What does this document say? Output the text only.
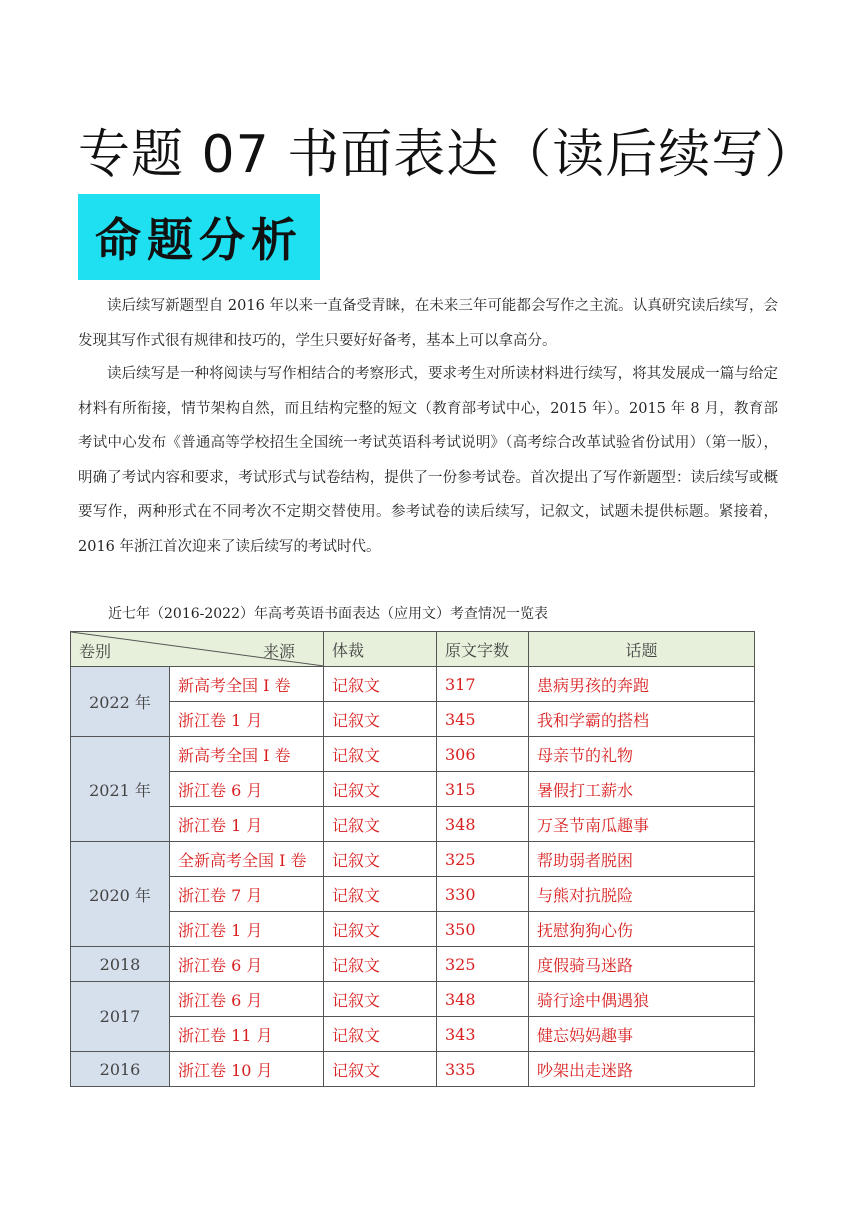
专题 07 书面表达（读后续写）
命题分析

读后续写新题型自 2016 年以来一直备受青睐，在未来三年可能都会写作之主流。认真研究读后续写，会发现其写作式很有规律和技巧的，学生只要好好备考，基本上可以拿高分。

读后续写是一种将阅读与写作相结合的考察形式，要求考生对所读材料进行续写，将其发展成一篇与给定材料有所衔接，情节架构自然，而且结构完整的短文（教育部考试中心，2015 年）。2015 年 8 月，教育部考试中心发布《普通高等学校招生全国统一考试英语科考试说明》（高考综合改革试验省份试用）（第一版），明确了考试内容和要求，考试形式与试卷结构，提供了一份参考试卷。首次提出了写作新题型：读后续写或概要写作，两种形式在不同考次不定期交替使用。参考试卷的读后续写，记叙文，试题未提供标题。紧接着，2016 年浙江首次迎来了读后续写的考试时代。

近七年（2016-2022）年高考英语书面表达（应用文）考查情况一览表

卷别 来源		体裁	原文字数	话题
2022 年	新高考全国 I 卷	记叙文	317	患病男孩的奔跑
	浙江卷 1 月	记叙文	345	我和学霸的搭档
2021 年	新高考全国 I 卷	记叙文	306	母亲节的礼物
	浙江卷 6 月	记叙文	315	暑假打工薪水
	浙江卷 1 月	记叙文	348	万圣节南瓜趣事
2020 年	全新高考全国 I 卷	记叙文	325	帮助弱者脱困
	浙江卷 7 月	记叙文	330	与熊对抗脱险
	浙江卷 1 月	记叙文	350	抚慰狗狗心伤
2018	浙江卷 6 月	记叙文	325	度假骑马迷路
2017	浙江卷 6 月	记叙文	348	骑行途中偶遇狼
	浙江卷 11 月	记叙文	343	健忘妈妈趣事
2016	浙江卷 10 月	记叙文	335	吵架出走迷路
